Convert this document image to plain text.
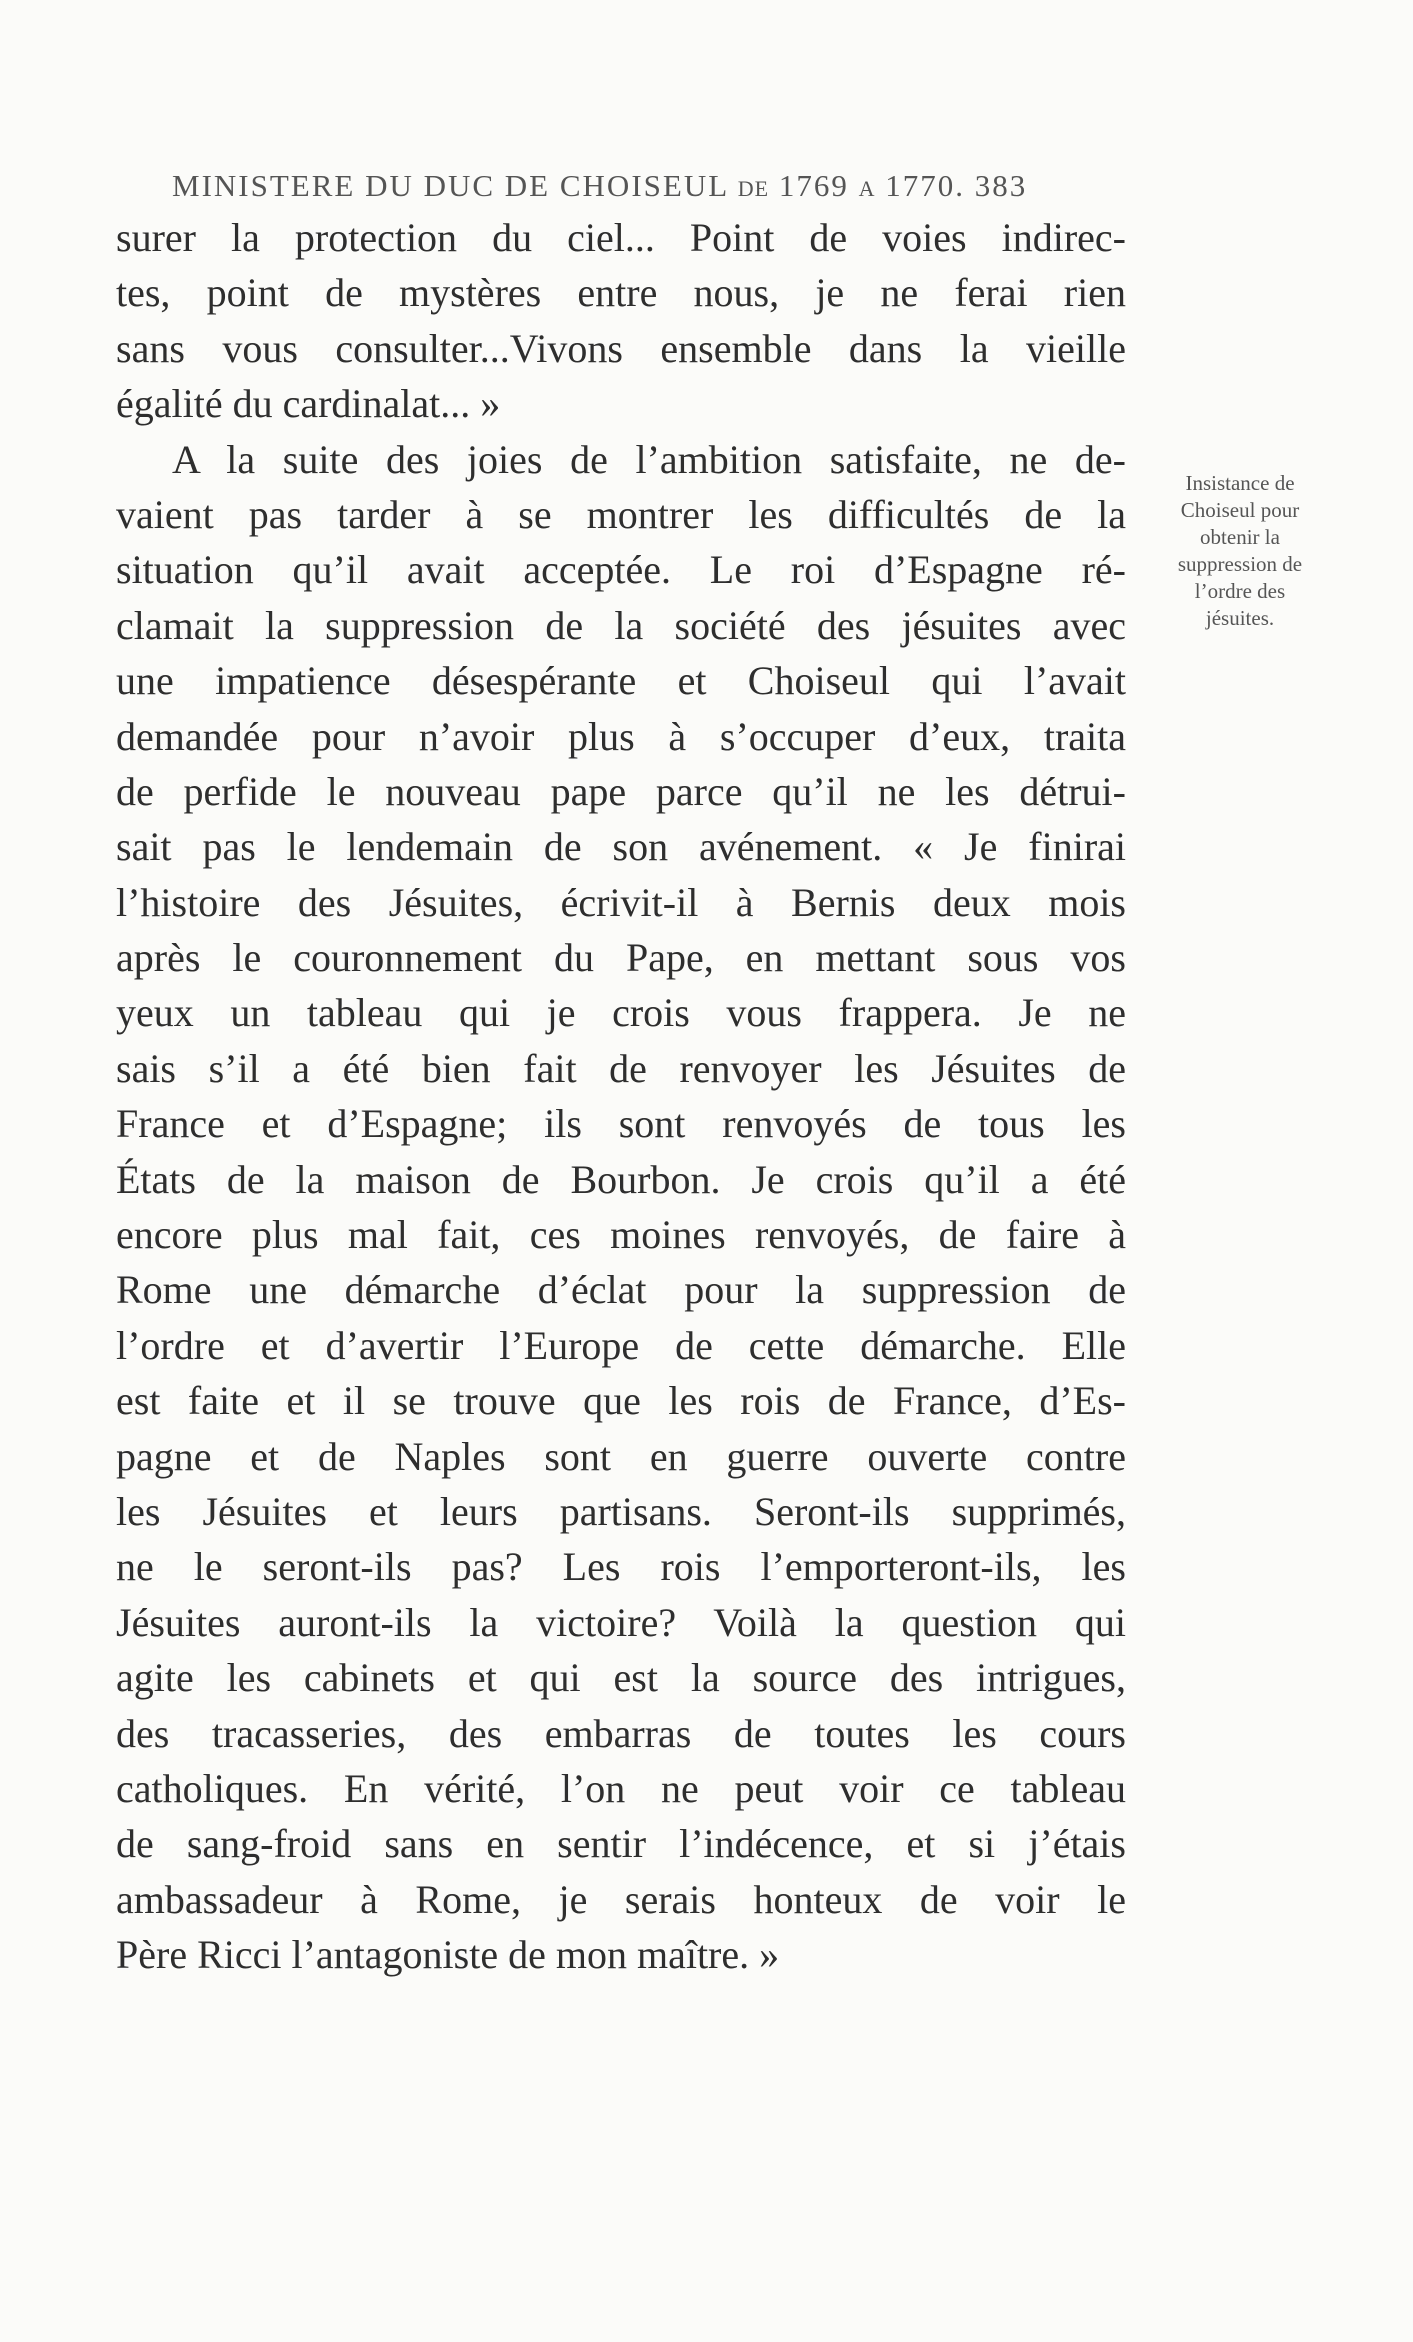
MINISTERE DU DUC DE CHOISEUL DE 1769 A 1770. 383
surer la protection du ciel... Point de voies indirec-
tes, point de mystères entre nous, je ne ferai rien
sans vous consulter...Vivons ensemble dans la vieille
égalité du cardinalat... »
A la suite des joies de l’ambition satisfaite, ne de-
vaient pas tarder à se montrer les difficultés de la
situation qu’il avait acceptée. Le roi d’Espagne ré-
clamait la suppression de la société des jésuites avec
une impatience désespérante et Choiseul qui l’avait
demandée pour n’avoir plus à s’occuper d’eux, traita
de perfide le nouveau pape parce qu’il ne les détrui-
sait pas le lendemain de son avénement. « Je finirai
l’histoire des Jésuites, écrivit-il à Bernis deux mois
après le couronnement du Pape, en mettant sous vos
yeux un tableau qui je crois vous frappera. Je ne
sais s’il a été bien fait de renvoyer les Jésuites de
France et d’Espagne; ils sont renvoyés de tous les
États de la maison de Bourbon. Je crois qu’il a été
encore plus mal fait, ces moines renvoyés, de faire à
Rome une démarche d’éclat pour la suppression de
l’ordre et d’avertir l’Europe de cette démarche. Elle
est faite et il se trouve que les rois de France, d’Es-
pagne et de Naples sont en guerre ouverte contre
les Jésuites et leurs partisans. Seront-ils supprimés,
ne le seront-ils pas? Les rois l’emporteront-ils, les
Jésuites auront-ils la victoire? Voilà la question qui
agite les cabinets et qui est la source des intrigues,
des tracasseries, des embarras de toutes les cours
catholiques. En vérité, l’on ne peut voir ce tableau
de sang-froid sans en sentir l’indécence, et si j’étais
ambassadeur à Rome, je serais honteux de voir le
Père Ricci l’antagoniste de mon maître. »
Insistance de
Choiseul pour
obtenir la
suppression de
l’ordre des
jésuites.
